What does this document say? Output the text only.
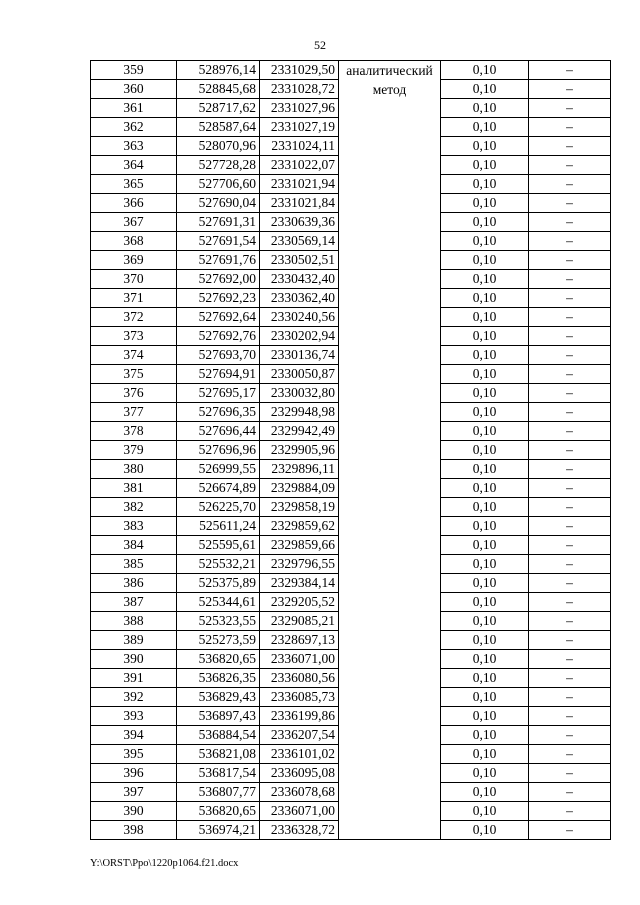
52
359	528976,14	2331029,50	аналитический метод	0,10	–
360	528845,68	2331028,72		0,10	–
361	528717,62	2331027,96		0,10	–
362	528587,64	2331027,19		0,10	–
363	528070,96	2331024,11		0,10	–
364	527728,28	2331022,07		0,10	–
365	527706,60	2331021,94		0,10	–
366	527690,04	2331021,84		0,10	–
367	527691,31	2330639,36		0,10	–
368	527691,54	2330569,14		0,10	–
369	527691,76	2330502,51		0,10	–
370	527692,00	2330432,40		0,10	–
371	527692,23	2330362,40		0,10	–
372	527692,64	2330240,56		0,10	–
373	527692,76	2330202,94		0,10	–
374	527693,70	2330136,74		0,10	–
375	527694,91	2330050,87		0,10	–
376	527695,17	2330032,80		0,10	–
377	527696,35	2329948,98		0,10	–
378	527696,44	2329942,49		0,10	–
379	527696,96	2329905,96		0,10	–
380	526999,55	2329896,11		0,10	–
381	526674,89	2329884,09		0,10	–
382	526225,70	2329858,19		0,10	–
383	525611,24	2329859,62		0,10	–
384	525595,61	2329859,66		0,10	–
385	525532,21	2329796,55		0,10	–
386	525375,89	2329384,14		0,10	–
387	525344,61	2329205,52		0,10	–
388	525323,55	2329085,21		0,10	–
389	525273,59	2328697,13		0,10	–
390	536820,65	2336071,00		0,10	–
391	536826,35	2336080,56		0,10	–
392	536829,43	2336085,73		0,10	–
393	536897,43	2336199,86		0,10	–
394	536884,54	2336207,54		0,10	–
395	536821,08	2336101,02		0,10	–
396	536817,54	2336095,08		0,10	–
397	536807,77	2336078,68		0,10	–
390	536820,65	2336071,00		0,10	–
398	536974,21	2336328,72		0,10	–
Y:\ORST\Ppo\1220p1064.f21.docx
